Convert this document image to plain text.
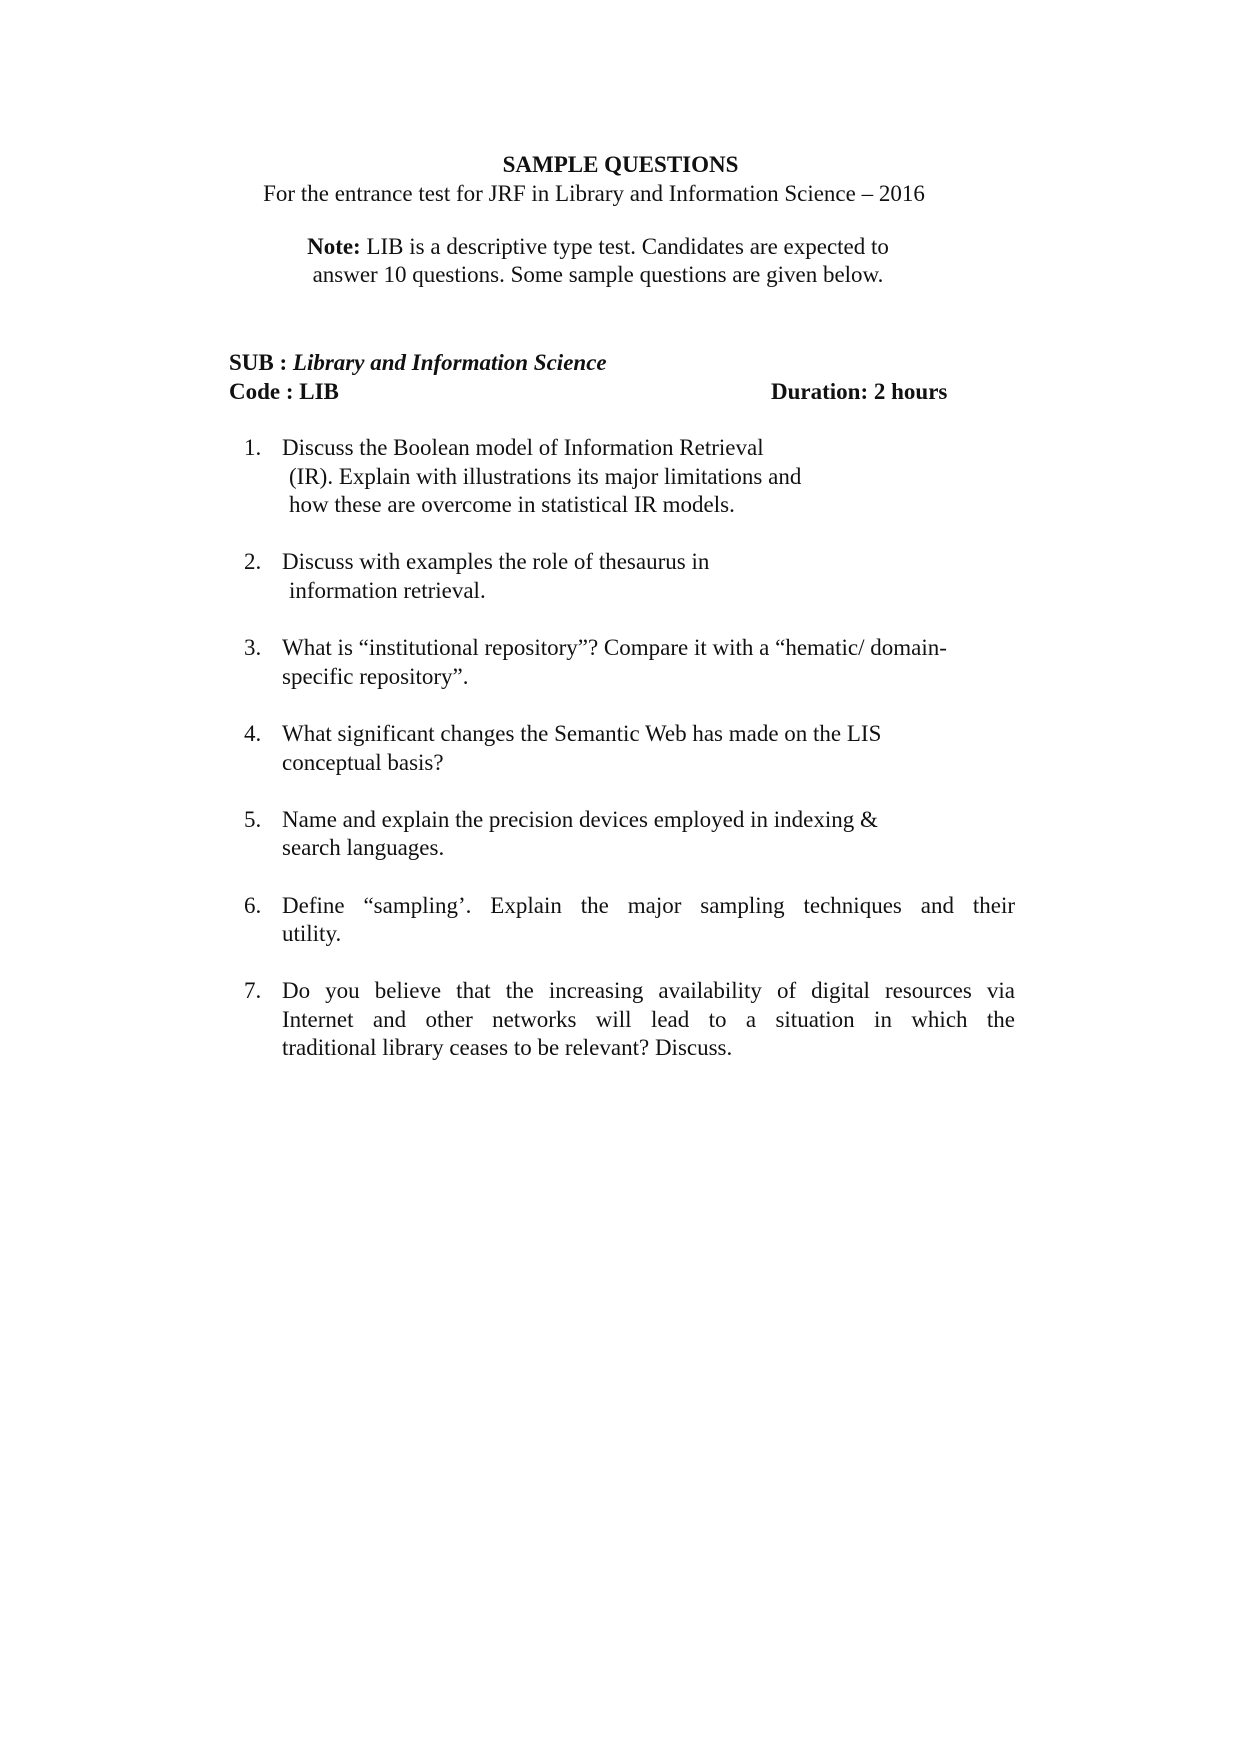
SAMPLE QUESTIONS
For the entrance test for JRF in Library and Information Science – 2016
Note: LIB is a descriptive type test. Candidates are expected to
answer 10 questions. Some sample questions are given below.
SUB : Library and Information Science
Code : LIB	Duration: 2 hours
1. Discuss the Boolean model of Information Retrieval
(IR). Explain with illustrations its major limitations and
how these are overcome in statistical IR models.
2. Discuss with examples the role of thesaurus in
information retrieval.
3. What is “institutional repository”? Compare it with a “hematic/ domain-
specific repository”.
4. What significant changes the Semantic Web has made on the LIS
conceptual basis?
5. Name and explain the precision devices employed in indexing &
search languages.
6. Define “sampling’. Explain the major sampling techniques and their
utility.
7. Do you believe that the increasing availability of digital resources via
Internet and other networks will lead to a situation in which the
traditional library ceases to be relevant? Discuss.
